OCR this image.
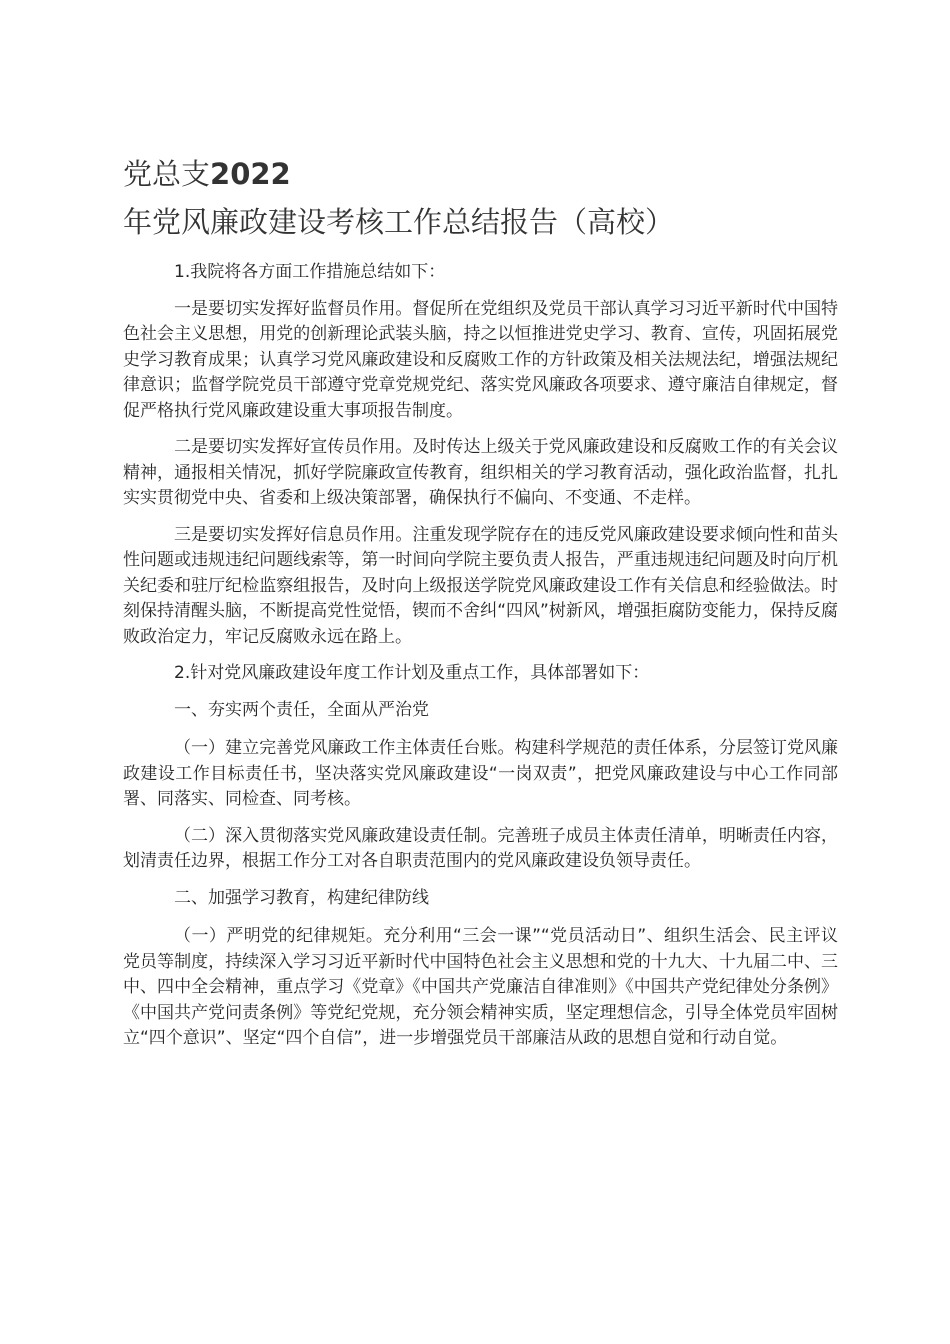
党总支2022年党风廉政建设考核工作总结报告（高校）

1.我院将各方面工作措施总结如下：

一是要切实发挥好监督员作用。督促所在党组织及党员干部认真学习习近平新时代中国特色社会主义思想，用党的创新理论武装头脑，持之以恒推进党史学习、教育、宣传，巩固拓展党史学习教育成果；认真学习党风廉政建设和反腐败工作的方针政策及相关法规法纪，增强法规纪律意识；监督学院党员干部遵守党章党规党纪、落实党风廉政各项要求、遵守廉洁自律规定，督促严格执行党风廉政建设重大事项报告制度。

二是要切实发挥好宣传员作用。及时传达上级关于党风廉政建设和反腐败工作的有关会议精神，通报相关情况，抓好学院廉政宣传教育，组织相关的学习教育活动，强化政治监督，扎扎实实贯彻党中央、省委和上级决策部署，确保执行不偏向、不变通、不走样。

三是要切实发挥好信息员作用。注重发现学院存在的违反党风廉政建设要求倾向性和苗头性问题或违规违纪问题线索等，第一时间向学院主要负责人报告，严重违规违纪问题及时向厅机关纪委和驻厅纪检监察组报告，及时向上级报送学院党风廉政建设工作有关信息和经验做法。时刻保持清醒头脑，不断提高党性觉悟，锲而不舍纠“四风”树新风，增强拒腐防变能力，保持反腐败政治定力，牢记反腐败永远在路上。

2.针对党风廉政建设年度工作计划及重点工作，具体部署如下：

一、夯实两个责任，全面从严治党

（一）建立完善党风廉政工作主体责任台账。构建科学规范的责任体系，分层签订党风廉政建设工作目标责任书，坚决落实党风廉政建设“一岗双责”，把党风廉政建设与中心工作同部署、同落实、同检查、同考核。

（二）深入贯彻落实党风廉政建设责任制。完善班子成员主体责任清单，明晰责任内容，划清责任边界，根据工作分工对各自职责范围内的党风廉政建设负领导责任。

二、加强学习教育，构建纪律防线

（一）严明党的纪律规矩。充分利用“三会一课”“党员活动日”、组织生活会、民主评议党员等制度，持续深入学习习近平新时代中国特色社会主义思想和党的十九大、十九届二中、三中、四中全会精神，重点学习《党章》《中国共产党廉洁自律准则》《中国共产党纪律处分条例》《中国共产党问责条例》等党纪党规，充分领会精神实质，坚定理想信念，引导全体党员牢固树立“四个意识”、坚定“四个自信”，进一步增强党员干部廉洁从政的思想自觉和行动自觉。
